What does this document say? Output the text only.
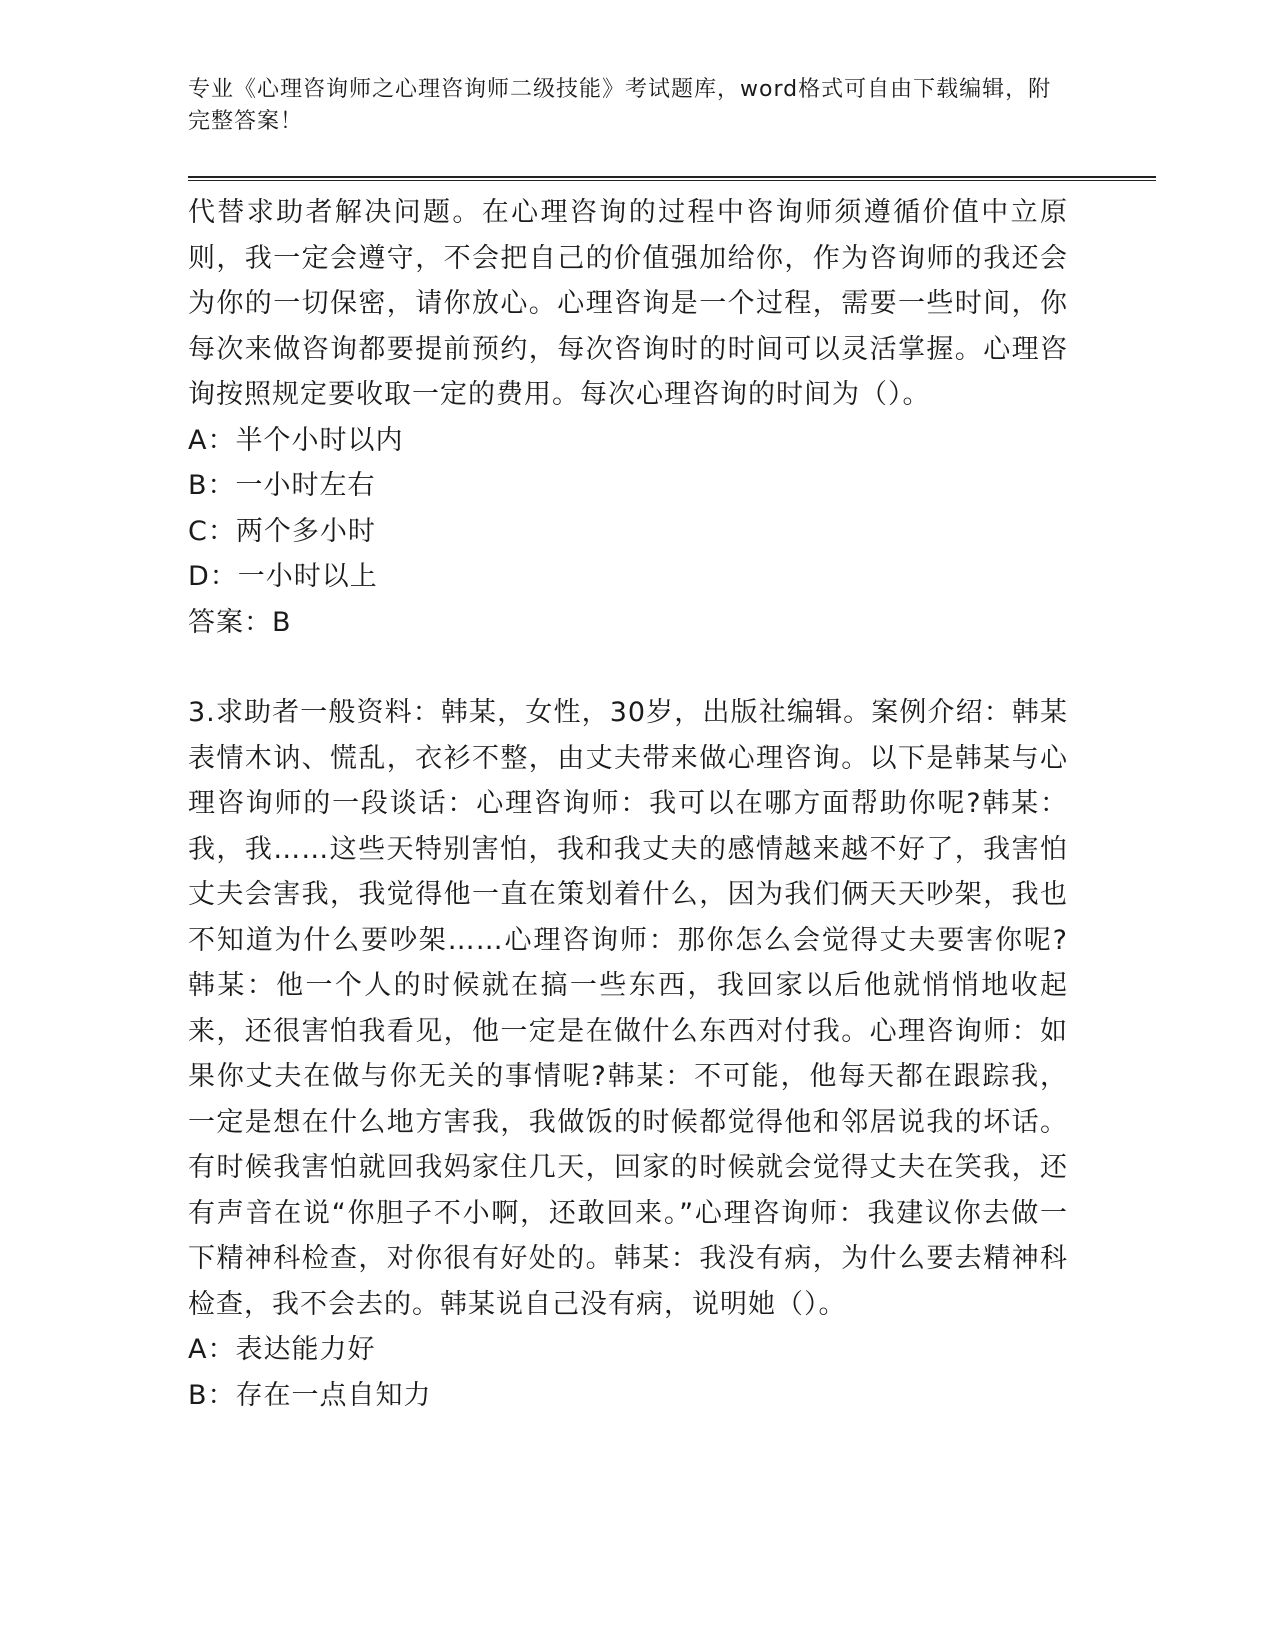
专业《心理咨询师之心理咨询师二级技能》考试题库，word格式可自由下载编辑，附完整答案！

代替求助者解决问题。在心理咨询的过程中咨询师须遵循价值中立原则，我一定会遵守，不会把自己的价值强加给你，作为咨询师的我还会为你的一切保密，请你放心。心理咨询是一个过程，需要一些时间，你每次来做咨询都要提前预约，每次咨询时的时间可以灵活掌握。心理咨询按照规定要收取一定的费用。每次心理咨询的时间为（）。

A：半个小时以内

B：一小时左右

C：两个多小时

D：一小时以上

答案：B

3.求助者一般资料：韩某，女性，30岁，出版社编辑。案例介绍：韩某表情木讷、慌乱，衣衫不整，由丈夫带来做心理咨询。以下是韩某与心理咨询师的一段谈话：心理咨询师：我可以在哪方面帮助你呢?韩某：我，我……这些天特别害怕，我和我丈夫的感情越来越不好了，我害怕丈夫会害我，我觉得他一直在策划着什么，因为我们俩天天吵架，我也不知道为什么要吵架……心理咨询师：那你怎么会觉得丈夫要害你呢?韩某：他一个人的时候就在搞一些东西，我回家以后他就悄悄地收起来，还很害怕我看见，他一定是在做什么东西对付我。心理咨询师：如果你丈夫在做与你无关的事情呢?韩某：不可能，他每天都在跟踪我，一定是想在什么地方害我，我做饭的时候都觉得他和邻居说我的坏话。有时候我害怕就回我妈家住几天，回家的时候就会觉得丈夫在笑我，还有声音在说“你胆子不小啊，还敢回来。”心理咨询师：我建议你去做一下精神科检查，对你很有好处的。韩某：我没有病，为什么要去精神科检查，我不会去的。韩某说自己没有病，说明她（）。

A：表达能力好

B：存在一点自知力
